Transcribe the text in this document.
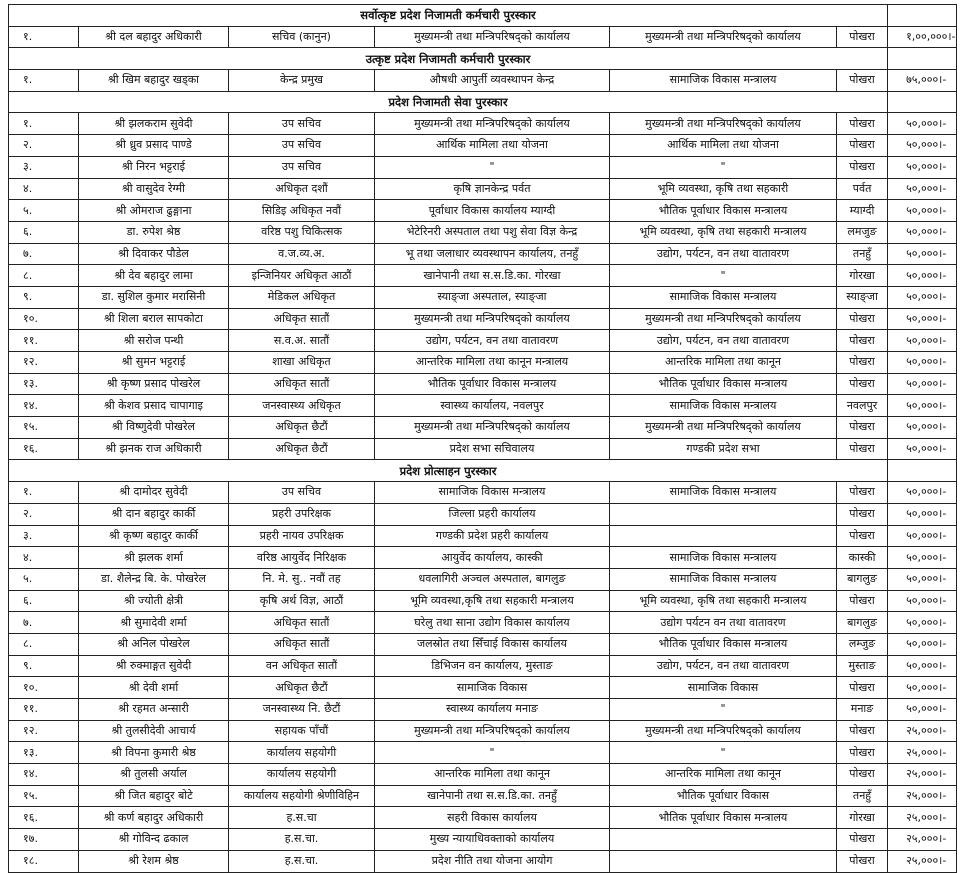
सर्वोत्कृष्ट प्रदेश निजामती कर्मचारी पुरस्कार						
१.	श्री दल बहादुर अधिकारी	सचिव (कानुन)	मुख्यमन्त्री तथा मन्त्रिपरिषद्को कार्यालय	मुख्यमन्त्री तथा मन्त्रिपरिषद्को कार्यालय	पोखरा	१,००,०००।-
उत्कृष्ट प्रदेश निजामती कर्मचारी पुरस्कार						
१.	श्री खिम बहादुर खड्का	केन्द्र प्रमुख	औषधी आपुर्ती व्यवस्थापन केन्द्र	सामाजिक विकास मन्त्रालय	पोखरा	७५,०००।-
प्रदेश निजामती सेवा पुरस्कार						
१.	श्री झलकराम सुवेदी	उप सचिव	मुख्यमन्त्री तथा मन्त्रिपरिषद्को कार्यालय	मुख्यमन्त्री तथा मन्त्रिपरिषद्को कार्यालय	पोखरा	५०,०००।-
२.	श्री ध्रुव प्रसाद पाण्डे	उप सचिव	आर्थिक मामिला तथा योजना	आर्थिक मामिला तथा योजना	पोखरा	५०,०००।-
३.	श्री निरन भट्टराई	उप सचिव	"	"	पोखरा	५०,०००।-
४.	श्री वासुदेव रेग्मी	अधिकृत दशौं	कृषि ज्ञानकेन्द्र पर्वत	भूमि व्यवस्था, कृषि तथा सहकारी	पर्वत	५०,०००।-
५.	श्री ओमराज ढुङ्गाना	सिडिइ अधिकृत नवौं	पूर्वाधार विकास कार्यालय म्याग्दी	भौतिक पूर्वाधार विकास मन्त्रालय	म्याग्दी	५०,०००।-
६.	डा. रुपेश श्रेष्ठ	वरिष्ठ पशु चिकित्सक	भेटेरिनरी अस्पताल तथा पशु सेवा विज्ञ केन्द्र	भूमि व्यवस्था, कृषि तथा सहकारी मन्त्रालय	लमजुङ	५०,०००।-
७.	श्री दिवाकर पौडेल	व.ज.व्य.अ.	भू तथा जलाधार व्यवस्थापन कार्यालय, तनहुँ	उद्योग, पर्यटन, वन तथा वातावरण	तनहुँ	५०,०००।-
८.	श्री देव बहादुर लामा	इन्जिनियर अधिकृत आठौं	खानेपानी तथा स.स.डि.का. गोरखा	"	गोरखा	५०,०००।-
९.	डा. सुशिल कुमार मरासिनी	मेडिकल अधिकृत	स्याङ्जा अस्पताल, स्याङ्जा	सामाजिक विकास मन्त्रालय	स्याङ्जा	५०,०००।-
१०.	श्री शिला बराल सापकोटा	अधिकृत सातौं	मुख्यमन्त्री तथा मन्त्रिपरिषद्को कार्यालय	मुख्यमन्त्री तथा मन्त्रिपरिषद्को कार्यालय	पोखरा	५०,०००।-
११.	श्री सरोज पन्थी	स.व.अ. सातौं	उद्योग, पर्यटन, वन तथा वातावरण	उद्योग, पर्यटन, वन तथा वातावरण	पोखरा	५०,०००।-
१२.	श्री सुमन भट्टराई	शाखा अधिकृत	आन्तरिक मामिला तथा कानून मन्त्रालय	आन्तरिक मामिला तथा कानून	पोखरा	५०,०००।-
१३.	श्री कृष्ण प्रसाद पोखरेल	अधिकृत सातौं	भौतिक पूर्वाधार विकास मन्त्रालय	भौतिक पूर्वाधार विकास मन्त्रालय	पोखरा	५०,०००।-
१४.	श्री केशव प्रसाद चापागाइ	जनस्वास्थ्य अधिकृत	स्वास्थ्य कार्यालय, नवलपुर	सामाजिक विकास मन्त्रालय	नवलपुर	५०,०००।-
१५.	श्री विष्णुदेवी पोखरेल	अधिकृत छैटौं	मुख्यमन्त्री तथा मन्त्रिपरिषद्को कार्यालय	मुख्यमन्त्री तथा मन्त्रिपरिषद्को कार्यालय	पोखरा	५०,०००।-
१६.	श्री झनक राज अधिकारी	अधिकृत छैटौं	प्रदेश सभा सचिवालय	गण्डकी प्रदेश सभा	पोखरा	५०,०००।-
प्रदेश प्रोत्साहन पुरस्कार						
१.	श्री दामोदर सुवेदी	उप सचिव	सामाजिक विकास मन्त्रालय	सामाजिक विकास मन्त्रालय	पोखरा	५०,०००।-
२.	श्री दान बहादुर कार्की	प्रहरी उपरिक्षक	जिल्ला प्रहरी कार्यालय		पोखरा	५०,०००।-
३.	श्री कृष्ण बहादुर कार्की	प्रहरी नायव उपरिक्षक	गण्डकी प्रदेश प्रहरी कार्यालय		पोखरा	५०,०००।-
४.	श्री झलक शर्मा	वरिष्ठ आयुर्वेद निरिक्षक	आयुर्वेद कार्यालय, कास्की	सामाजिक विकास मन्त्रालय	कास्की	५०,०००।-
५.	डा. शैलेन्द्र बि. के. पोखरेल	नि. मे. सु.. नवौं तह	धवलागिरी अञ्चल अस्पताल, बागलुङ	सामाजिक विकास मन्त्रालय	बागलुङ	५०,०००।-
६.	श्री ज्योती क्षेत्री	कृषि अर्थ विज्ञ, आठौं	भूमि व्यवस्था,कृषि तथा सहकारी मन्त्रालय	भूमि व्यवस्था, कृषि तथा सहकारी मन्त्रालय	पोखरा	५०,०००।-
७.	श्री सुमादेवी शर्मा	अधिकृत सातौं	घरेलु तथा साना उद्योग विकास कार्यालय	उद्योग पर्यटन वन तथा वातावरण	बागलुङ	५०,०००।-
८.	श्री अनिल पोखरेल	अधिकृत सातौं	जलस्रोत तथा सिँचाई विकास कार्यालय	भौतिक पूर्वाधार विकास मन्त्रालय	लम्जुङ	५०,०००।-
९.	श्री रुक्माङ्गत सुवेदी	वन अधिकृत सातौं	डिभिजन वन कार्यालय, मुस्ताङ	उद्योग, पर्यटन, वन तथा वातावरण	मुस्ताङ	५०,०००।-
१०.	श्री देवी शर्मा	अधिकृत छैटौं	सामाजिक विकास	सामाजिक विकास	पोखरा	५०,०००।-
११.	श्री रहमत अन्सारी	जनस्वास्थ्य नि. छैटौं	स्वास्थ्य कार्यालय मनाङ	"	मनाङ	५०,०००।-
१२.	श्री तुलसीदेवी आचार्य	सहायक पाँचौं	मुख्यमन्त्री तथा मन्त्रिपरिषद्को कार्यालय	मुख्यमन्त्री तथा मन्त्रिपरिषद्को कार्यालय	पोखरा	२५,०००।-
१३.	श्री विपना कुमारी श्रेष्ठ	कार्यालय सहयोगी	"	"	पोखरा	२५,०००।-
१४.	श्री तुलसी अर्याल	कार्यालय सहयोगी	आन्तरिक मामिला तथा कानून	आन्तरिक मामिला तथा कानून	पोखरा	२५,०००।-
१५.	श्री जित बहादुर बोटे	कार्यालय सहयोगी श्रेणीविहिन	खानेपानी तथा स.स.डि.का. तनहुँ	भौतिक पूर्वाधार विकास	तनहुँ	२५,०००।-
१६.	श्री कर्ण बहादुर अधिकारी	ह.स.चा	सहरी विकास कार्यालय	भौतिक पूर्वाधार विकास मन्त्रालय	गोरखा	२५,०००।-
१७.	श्री गोविन्द ढकाल	ह.स.चा.	मुख्य न्यायाधिवक्ताको कार्यालय		पोखरा	२५,०००।-
१८.	श्री रेशम श्रेष्ठ	ह.स.चा.	प्रदेश नीति तथा योजना आयोग		पोखरा	२५,०००।-
